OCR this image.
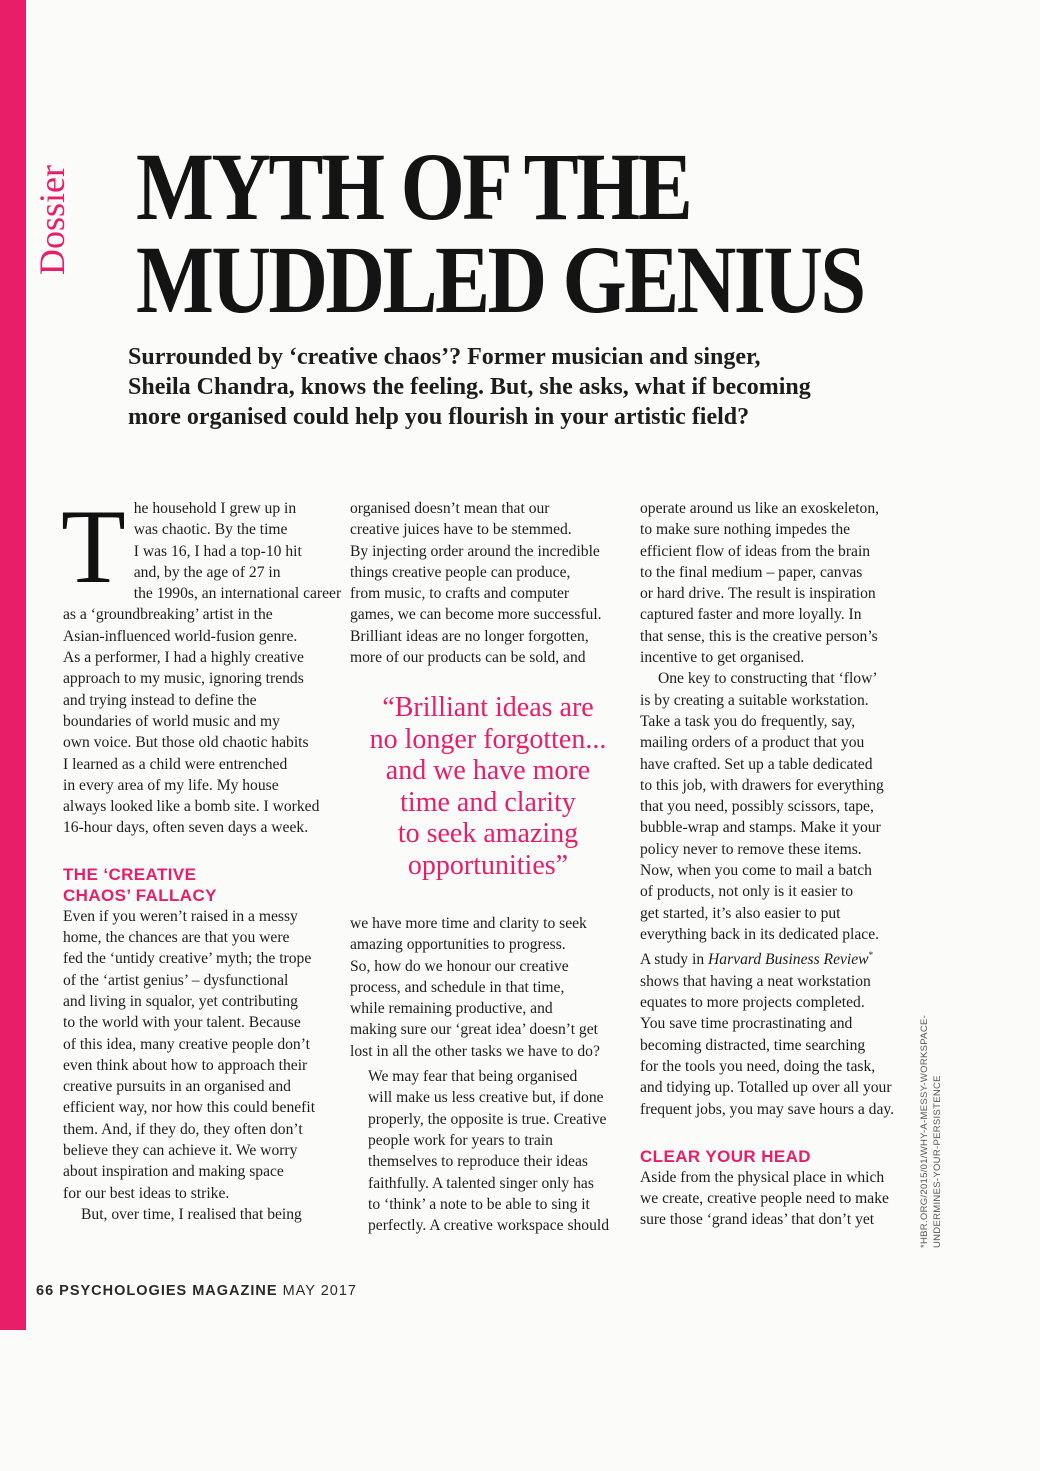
Dossier MYTH OF THE
MUDDLED GENIUS
Surrounded by ‘creative chaos’? Former musician and singer,
Sheila Chandra, knows the feeling. But, she asks, what if becoming
more organised could help you flourish in your artistic field?
T he household I grew up in
was chaotic. By the time
I was 16, I had a top-10 hit
and, by the age of 27 in
the 1990s, an international career
as a ‘groundbreaking’ artist in the
Asian-influenced world-fusion genre.
As a performer, I had a highly creative
approach to my music, ignoring trends
and trying instead to define the
boundaries of world music and my
own voice. But those old chaotic habits
I learned as a child were entrenched
in every area of my life. My house
always looked like a bomb site. I worked
16-hour days, often seven days a week.
THE ‘CREATIVE
CHAOS’ FALLACY
Even if you weren’t raised in a messy
home, the chances are that you were
fed the ‘untidy creative’ myth; the trope
of the ‘artist genius’ – dysfunctional
and living in squalor, yet contributing
to the world with your talent. Because
of this idea, many creative people don’t
even think about how to approach their
creative pursuits in an organised and
efficient way, nor how this could benefit
them. And, if they do, they often don’t
believe they can achieve it. We worry
about inspiration and making space
for our best ideas to strike.
But, over time, I realised that being
organised doesn’t mean that our
creative juices have to be stemmed.
By injecting order around the incredible
things creative people can produce,
from music, to crafts and computer
games, we can become more successful.
Brilliant ideas are no longer forgotten,
more of our products can be sold, and
we have more time and clarity to seek
amazing opportunities to progress.
So, how do we honour our creative
process, and schedule in that time,
while remaining productive, and
making sure our ‘great idea’ doesn’t get
lost in all the other tasks we have to do?
We may fear that being organised
will make us less creative but, if done
properly, the opposite is true. Creative
people work for years to train
themselves to reproduce their ideas
faithfully. A talented singer only has
to ‘think’ a note to be able to sing it
perfectly. A creative workspace should
“Brilliant ideas are
no longer forgotten...
and we have more
time and clarity
to seek amazing
opportunities”
operate around us like an exoskeleton,
to make sure nothing impedes the
efficient flow of ideas from the brain
to the final medium – paper, canvas
or hard drive. The result is inspiration
captured faster and more loyally. In
that sense, this is the creative person’s
incentive to get organised.
One key to constructing that ‘flow’
is by creating a suitable workstation.
Take a task you do frequently, say,
mailing orders of a product that you
have crafted. Set up a table dedicated
to this job, with drawers for everything
that you need, possibly scissors, tape,
bubble-wrap and stamps. Make it your
policy never to remove these items.
Now, when you come to mail a batch
of products, not only is it easier to
get started, it’s also easier to put
everything back in its dedicated place.
A study in Harvard Business Review*
shows that having a neat workstation
equates to more projects completed.
You save time procrastinating and
becoming distracted, time searching
for the tools you need, doing the task,
and tidying up. Totalled up over all your
frequent jobs, you may save hours a day.
CLEAR YOUR HEAD
Aside from the physical place in which
we create, creative people need to make
sure those ‘grand ideas’ that don’t yet	*HBR.ORG/2015/01/WHY-A-MESSY-WORKSPACE- UNDERMINES-YOUR-PERSISTENCE
66 PSYCHOLOGIES MAGAZINE MAY 2017
